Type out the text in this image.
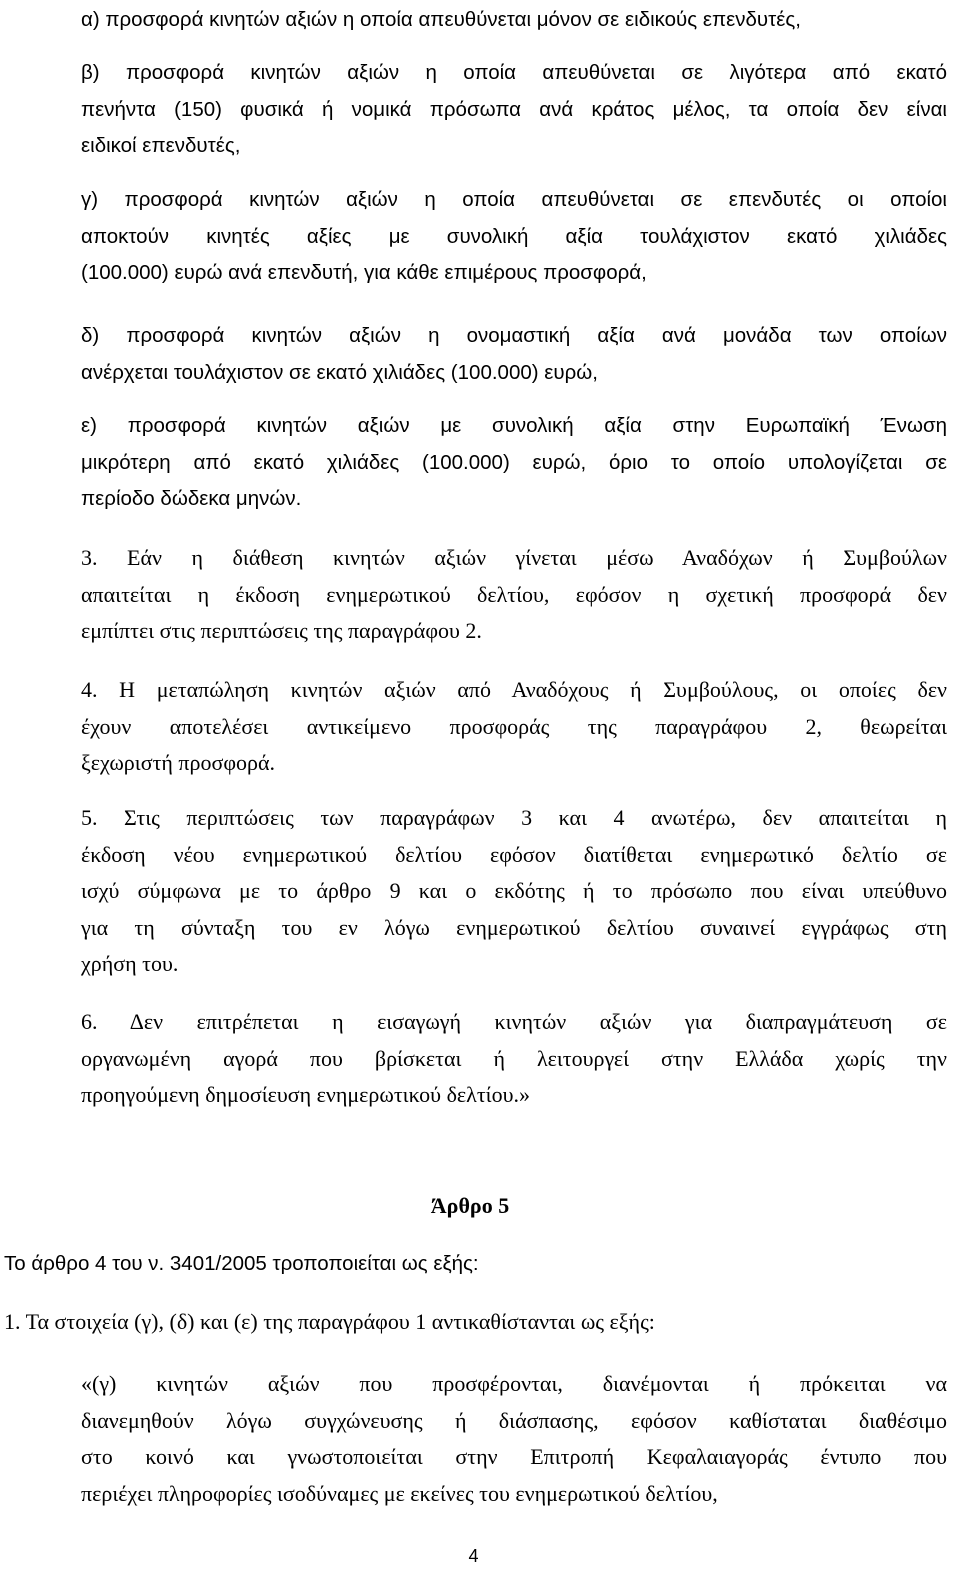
α) προσφορά κινητών αξιών η οποία απευθύνεται μόνον σε ειδικούς επενδυτές,
β) προσφορά κινητών αξιών η οποία απευθύνεται σε λιγότερα από εκατό
πενήντα (150) φυσικά ή νομικά πρόσωπα ανά κράτος μέλος, τα οποία δεν είναι
ειδικοί επενδυτές,
γ) προσφορά κινητών αξιών η οποία απευθύνεται σε επενδυτές οι οποίοι
αποκτούν κινητές αξίες με συνολική αξία τουλάχιστον εκατό χιλιάδες
(100.000) ευρώ ανά επενδυτή, για κάθε επιμέρους προσφορά,
δ) προσφορά κινητών αξιών η ονομαστική αξία ανά μονάδα των οποίων
ανέρχεται τουλάχιστον σε εκατό χιλιάδες (100.000) ευρώ,
ε) προσφορά κινητών αξιών με συνολική αξία στην Ευρωπαϊκή Ένωση
μικρότερη από εκατό χιλιάδες (100.000) ευρώ, όριο το οποίο υπολογίζεται σε
περίοδο δώδεκα μηνών.
3. Εάν η διάθεση κινητών αξιών γίνεται μέσω Αναδόχων ή Συμβούλων
απαιτείται η έκδοση ενημερωτικού δελτίου, εφόσον η σχετική προσφορά δεν
εμπίπτει στις περιπτώσεις της παραγράφου 2.
4. Η μεταπώληση κινητών αξιών από Αναδόχους ή Συμβούλους, οι οποίες δεν
έχουν αποτελέσει αντικείμενο προσφοράς της παραγράφου 2, θεωρείται
ξεχωριστή προσφορά.
5. Στις περιπτώσεις των παραγράφων 3 και 4 ανωτέρω, δεν απαιτείται η
έκδοση νέου ενημερωτικού δελτίου εφόσον διατίθεται ενημερωτικό δελτίο σε
ισχύ σύμφωνα με το άρθρο 9 και ο εκδότης ή το πρόσωπο που είναι υπεύθυνο
για τη σύνταξη του εν λόγω ενημερωτικού δελτίου συναινεί εγγράφως στη
χρήση του.
6. Δεν επιτρέπεται η εισαγωγή κινητών αξιών για διαπραγμάτευση σε
οργανωμένη αγορά που βρίσκεται ή λειτουργεί στην Ελλάδα χωρίς την
προηγούμενη δημοσίευση ενημερωτικού δελτίου.»
Άρθρο 5
Το άρθρο 4 του ν. 3401/2005 τροποποιείται ως εξής:
1. Τα στοιχεία (γ), (δ) και (ε) της παραγράφου 1 αντικαθίστανται ως εξής:
«(γ) κινητών αξιών που προσφέρονται, διανέμονται ή πρόκειται να
διανεμηθούν λόγω συγχώνευσης ή διάσπασης, εφόσον καθίσταται διαθέσιμο
στο κοινό και γνωστοποιείται στην Επιτροπή Κεφαλαιαγοράς έντυπο που
περιέχει πληροφορίες ισοδύναμες με εκείνες του ενημερωτικού δελτίου,
4
